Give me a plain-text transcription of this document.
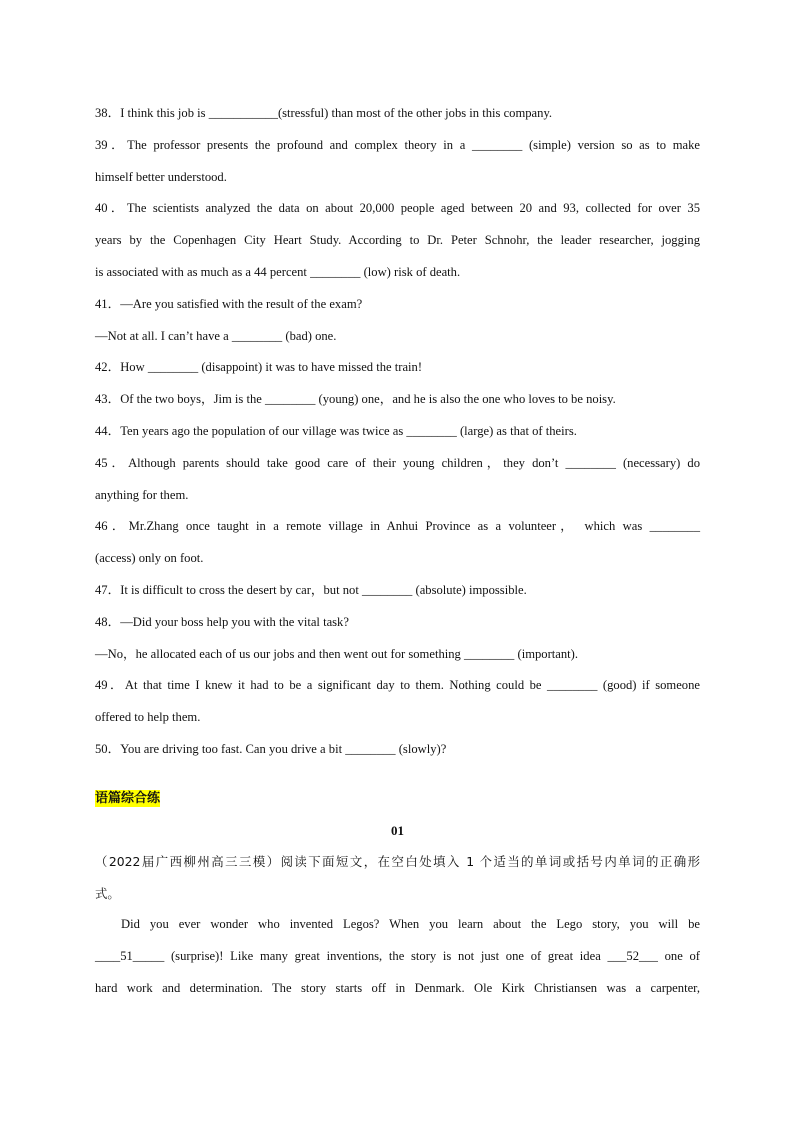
38．I think this job is ___________(stressful) than most of the other jobs in this company.
39．The professor presents the profound and complex theory in a ________ (simple) version so as to make
himself better understood.
40．The scientists analyzed the data on about 20,000 people aged between 20 and 93, collected for over 35
years by the Copenhagen City Heart Study. According to Dr. Peter Schnohr, the leader researcher, jogging
is associated with as much as a 44 percent ________ (low) risk of death.
41．—Are you satisfied with the result of the exam?
—Not at all. I can’t have a ________ (bad) one.
42．How ________ (disappoint) it was to have missed the train!
43．Of the two boys，Jim is the ________ (young) one，and he is also the one who loves to be noisy.
44．Ten years ago the population of our village was twice as ________ (large) as that of theirs.
45．Although parents should take good care of their young children，they don’t ________ (necessary) do
anything for them.
46．Mr.Zhang once taught in a remote village in Anhui Province as a volunteer， which was ________
(access) only on foot.
47．It is difficult to cross the desert by car，but not ________ (absolute) impossible.
48．—Did your boss help you with the vital task?
—No，he allocated each of us our jobs and then went out for something ________ (important).
49．At that time I knew it had to be a significant day to them. Nothing could be ________ (good) if someone
offered to help them.
50．You are driving too fast. Can you drive a bit ________ (slowly)?
语篇综合练
01
（2022届广西柳州高三三模）阅读下面短文，在空白处填入 1 个适当的单词或括号内单词的正确形
式。
Did you ever wonder who invented Legos? When you learn about the Lego story, you will be
____51_____ (surprise)! Like many great inventions, the story is not just one of great idea ___52___ one of
hard work and determination. The story starts off in Denmark. Ole Kirk Christiansen was a carpenter,
